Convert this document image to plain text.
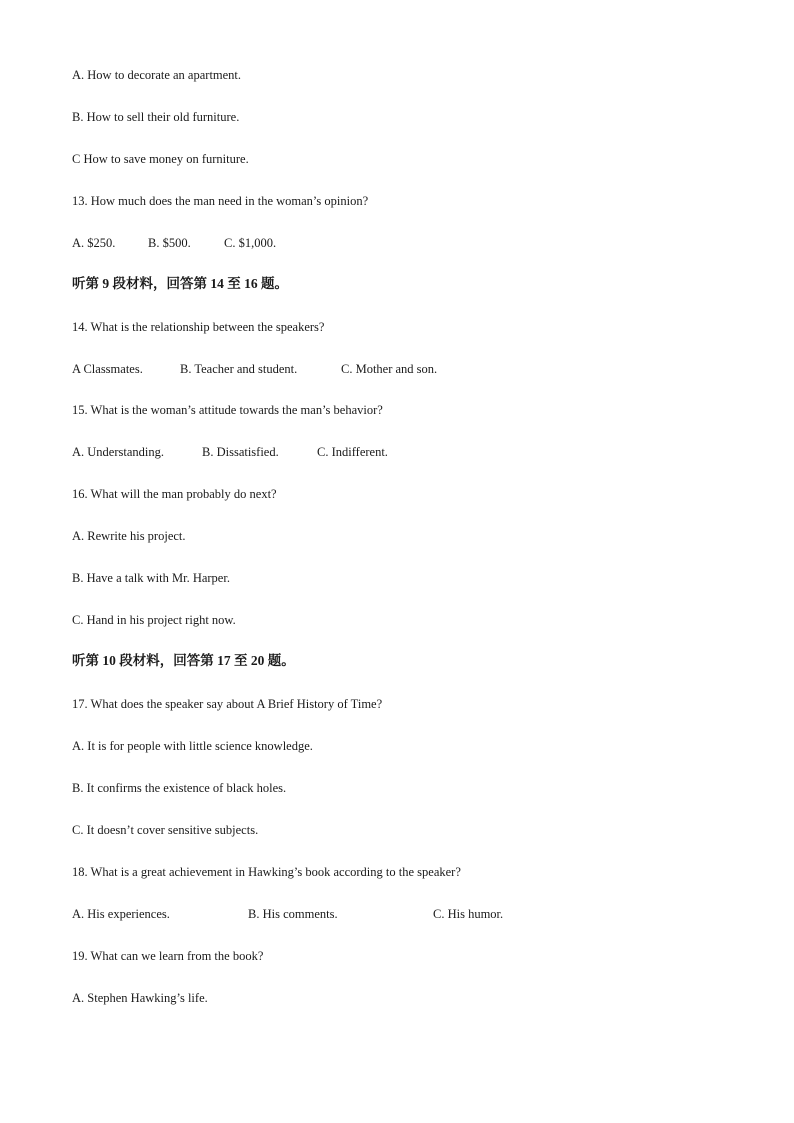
A. How to decorate an apartment.
B. How to sell their old furniture.
C How to save money on furniture.
13. How much does the man need in the woman’s opinion?
A. $250.	B. $500.	C. $1,000.
听第 9 段材料，回答第 14 至 16 题。
14. What is the relationship between the speakers?
A Classmates.	B. Teacher and student.	C. Mother and son.
15. What is the woman’s attitude towards the man’s behavior?
A. Understanding.	B. Dissatisfied.	C. Indifferent.
16. What will the man probably do next?
A. Rewrite his project.
B. Have a talk with Mr. Harper.
C. Hand in his project right now.
听第 10 段材料，回答第 17 至 20 题。
17. What does the speaker say about A Brief History of Time?
A. It is for people with little science knowledge.
B. It confirms the existence of black holes.
C. It doesn’t cover sensitive subjects.
18. What is a great achievement in Hawking’s book according to the speaker?
A. His experiences.	B. His comments.	C. His humor.
19. What can we learn from the book?
A. Stephen Hawking’s life.
